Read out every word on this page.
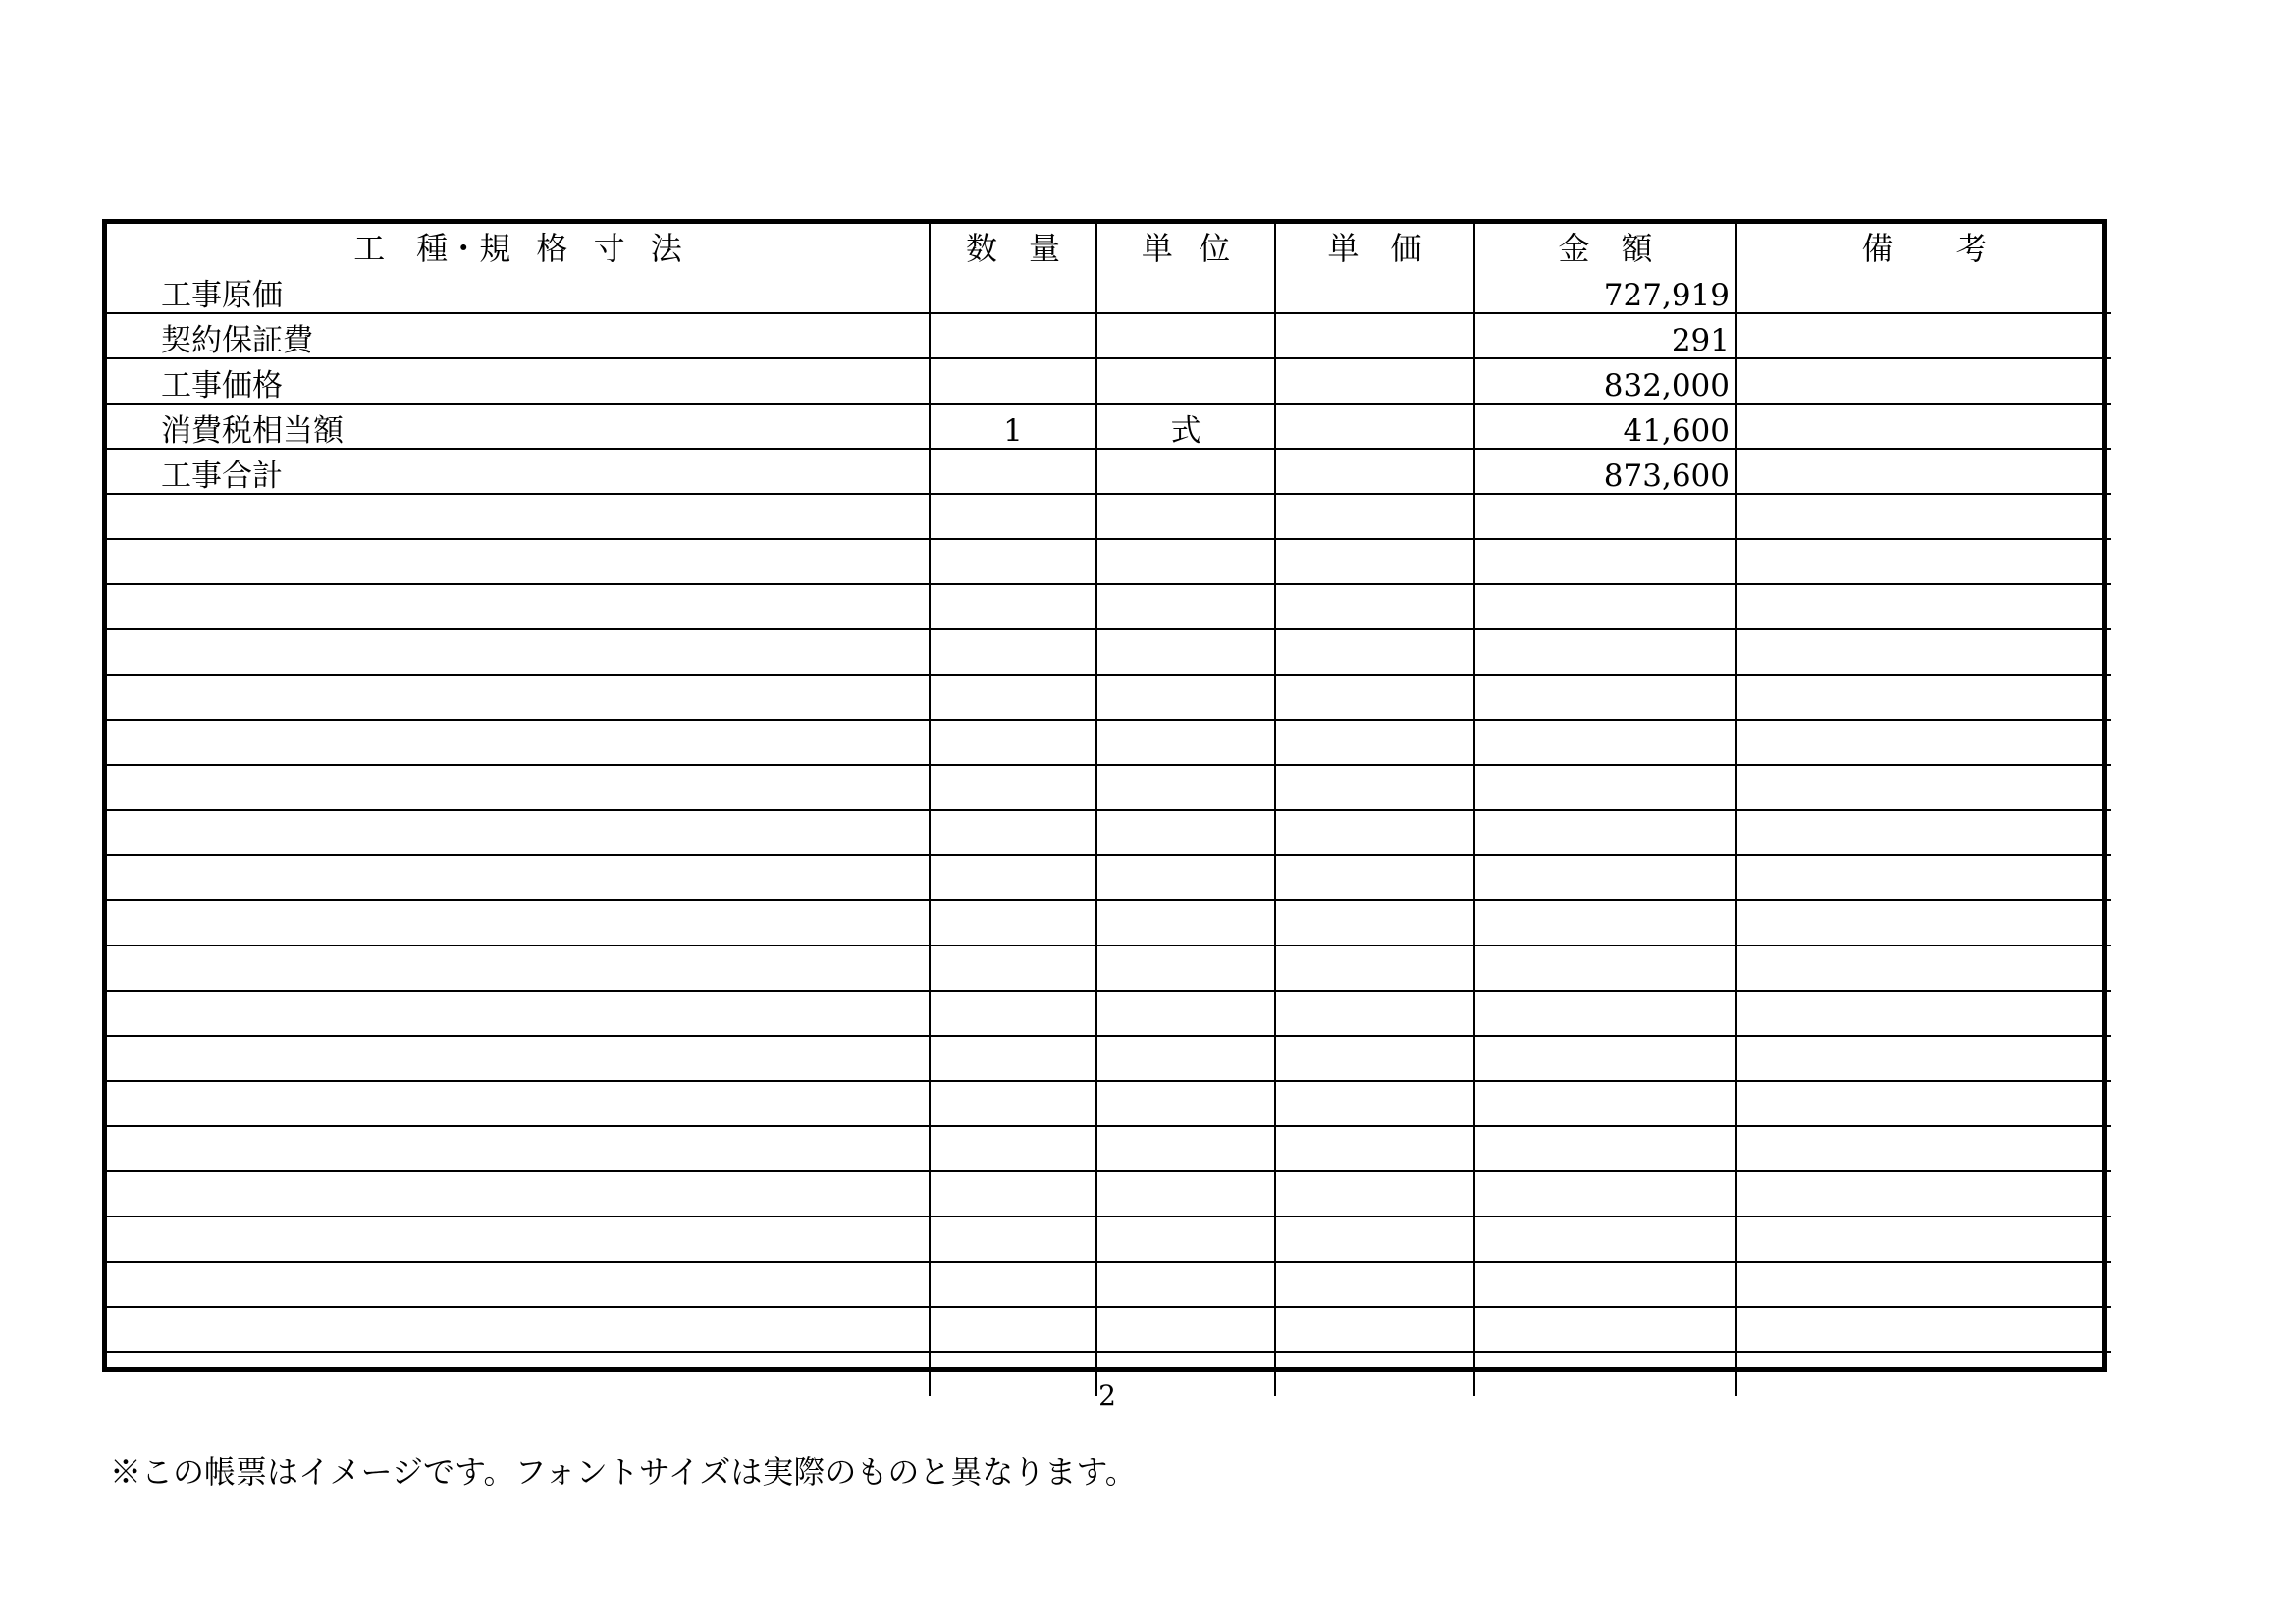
工　種・規 格 寸 法	数　量	単 位	単　価	金　額	備　　考
工事原価				727,919	
契約保証費				291	
工事価格				832,000	
消費税相当額	1	式		41,600	
工事合計				873,600	

2
※この帳票はイメージです。フォントサイズは実際のものと異なります。
